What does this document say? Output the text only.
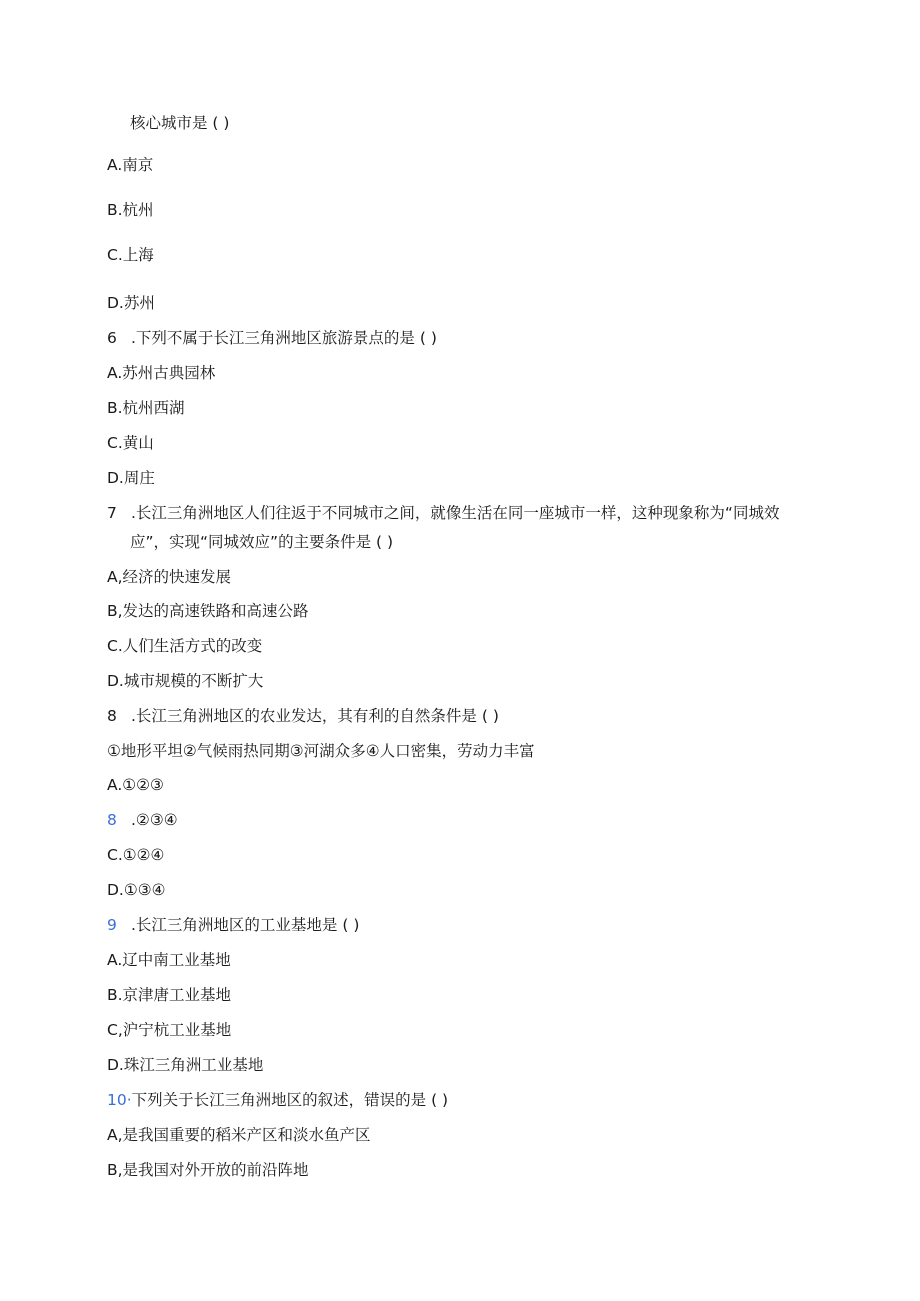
核心城市是 ( )
A.南京
B.杭州
C.上海
D.苏州
6 .下列不属于长江三角洲地区旅游景点的是 ( )
A.苏州古典园林
B.杭州西湖
C.黄山
D.周庄
7 .长江三角洲地区人们往返于不同城市之间，就像生活在同一座城市一样，这种现象称为“同城效
应”，实现“同城效应”的主要条件是 ( )
A,经济的快速发展
B,发达的高速铁路和高速公路
C.人们生活方式的改变
D.城市规模的不断扩大
8 .长江三角洲地区的农业发达，其有利的自然条件是 ( )
①地形平坦②气候雨热同期③河湖众多④人口密集，劳动力丰富
A.①②③
8 .②③④
C.①②④
D.①③④
9 .长江三角洲地区的工业基地是 ( )
A.辽中南工业基地
B.京津唐工业基地
C,沪宁杭工业基地
D.珠江三角洲工业基地
10·下列关于长江三角洲地区的叙述，错误的是 ( )
A,是我国重要的稻米产区和淡水鱼产区
B,是我国对外开放的前沿阵地
